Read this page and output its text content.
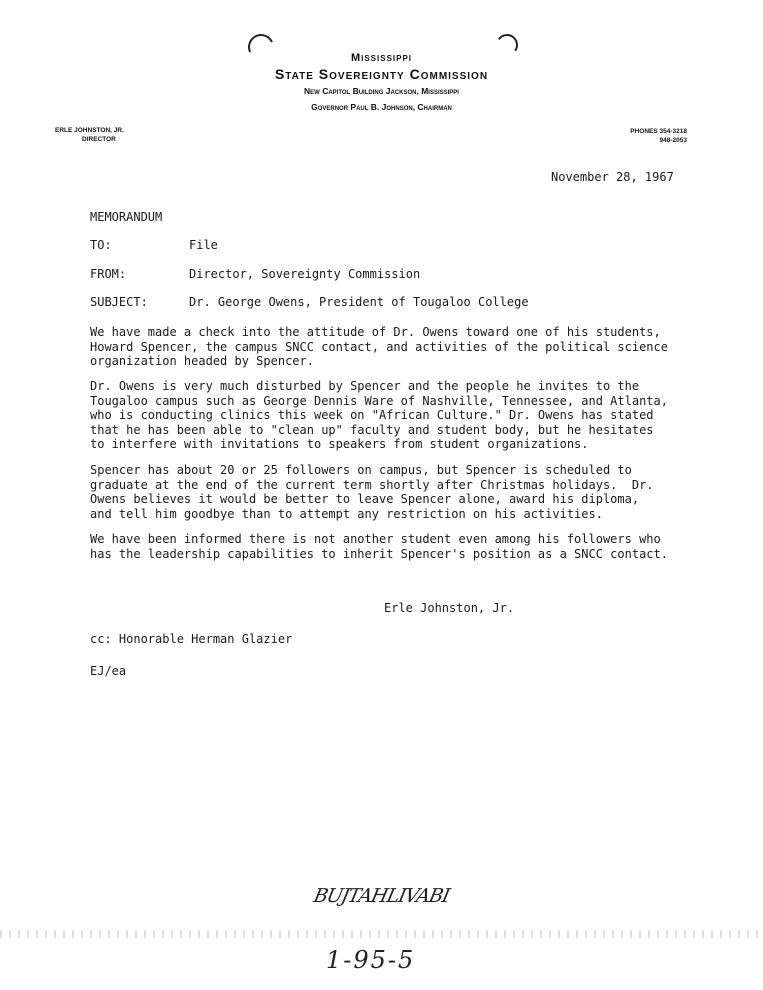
Mississippi
State Sovereignty Commission
New Capitol Building Jackson, Mississippi
Governor Paul B. Johnson, Chairman
ERLE JOHNSTON, JR.
DIRECTOR
PHONES 354-3218
948-2053
November 28, 1967
MEMORANDUM
TO:	File
FROM:	Director, Sovereignty Commission
SUBJECT:	Dr. George Owens, President of Tougaloo College
We have made a check into the attitude of Dr. Owens toward one of his students,
Howard Spencer, the campus SNCC contact, and activities of the political science
organization headed by Spencer.
Dr. Owens is very much disturbed by Spencer and the people he invites to the
Tougaloo campus such as George Dennis Ware of Nashville, Tennessee, and Atlanta,
who is conducting clinics this week on "African Culture." Dr. Owens has stated
that he has been able to "clean up" faculty and student body, but he hesitates
to interfere with invitations to speakers from student organizations.
Spencer has about 20 or 25 followers on campus, but Spencer is scheduled to
graduate at the end of the current term shortly after Christmas holidays.  Dr.
Owens believes it would be better to leave Spencer alone, award his diploma,
and tell him goodbye than to attempt any restriction on his activities.
We have been informed there is not another student even among his followers who
has the leadership capabilities to inherit Spencer's position as a SNCC contact.
Erle Johnston, Jr.
cc: Honorable Herman Glazier
EJ/ea
BUJTAHLIVABI
1-95-5
